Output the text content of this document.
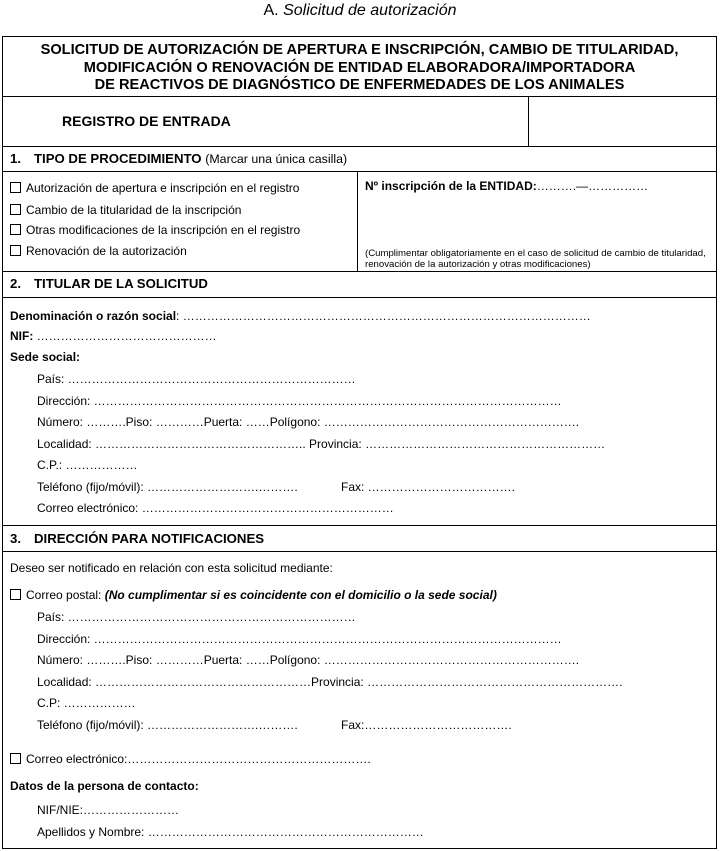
A. Solicitud de autorización
SOLICITUD DE AUTORIZACIÓN DE APERTURA E INSCRIPCIÓN, CAMBIO DE TITULARIDAD,
MODIFICACIÓN O RENOVACIÓN DE ENTIDAD ELABORADORA/IMPORTADORA
DE REACTIVOS DE DIAGNÓSTICO DE ENFERMEDADES DE LOS ANIMALES
REGISTRO DE ENTRADA
1. TIPO DE PROCEDIMIENTO (Marcar una única casilla)
Autorización de apertura e inscripción en el registro
Cambio de la titularidad de la inscripción
Otras modificaciones de la inscripción en el registro
Renovación de la autorización
Nº inscripción de la ENTIDAD:……….—……………
(Cumplimentar obligatoriamente en el caso de solicitud de cambio de titularidad,
renovación de la autorización y otras modificaciones)
2. TITULAR DE LA SOLICITUD
Denominación o razón social: …………………………………………………………………………………………
NIF: ………………………………………
Sede social:
País: ………………………………………………………………
Dirección: ………………………………………………………………………………………………………
Número: ……….Piso: …………Puerta: ……Polígono: ……………………………………………………….
Localidad: …………………………………………….. Provincia: ……………………………………………………
C.P.: ………………
Teléfono (fijo/móvil): ……………………….……….	Fax: ……………………………….
Correo electrónico: ………………………………………………………
3. DIRECCIÓN PARA NOTIFICACIONES
Deseo ser notificado en relación con esta solicitud mediante:
Correo postal: (No cumplimentar si es coincidente con el domicilio o la sede social)
País: ………………………………………………………………
Dirección: ………………………………………………………………………………………………………
Número: ……….Piso: …………Puerta: ……Polígono: ……………………………………………………….
Localidad: ………………………………………………Provincia: ……………………………………………………….
C.P: ………………
Teléfono (fijo/móvil): ……………………….……….	Fax:……………………………….
Correo electrónico:…………………………………………………….
Datos de la persona de contacto:
NIF/NIE:……………………
Apellidos y Nombre: ……………………………………………………………
